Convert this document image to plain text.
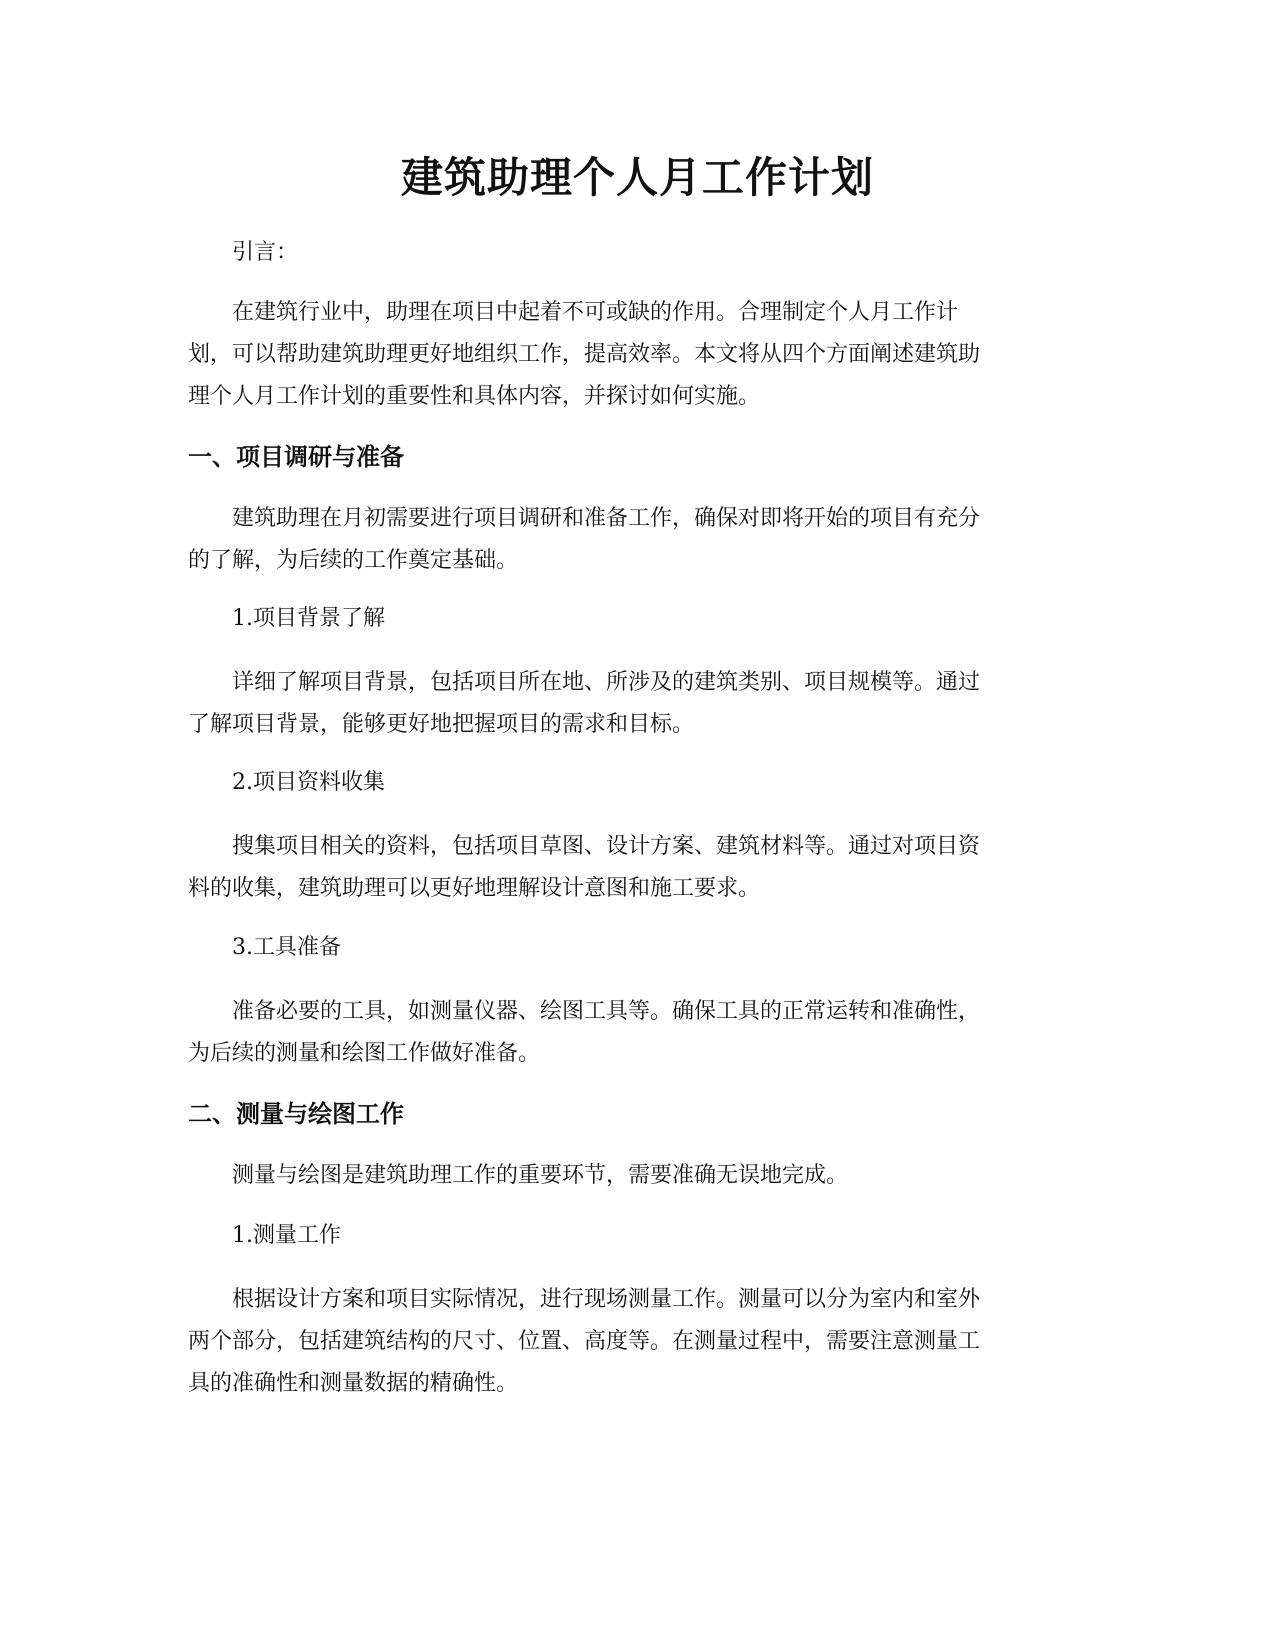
建筑助理个人月工作计划

引言：

在建筑行业中，助理在项目中起着不可或缺的作用。合理制定个人月工作计
划，可以帮助建筑助理更好地组织工作，提高效率。本文将从四个方面阐述建筑助
理个人月工作计划的重要性和具体内容，并探讨如何实施。
一、项目调研与准备
建筑助理在月初需要进行项目调研和准备工作，确保对即将开始的项目有充分
的了解，为后续的工作奠定基础。

1.项目背景了解

详细了解项目背景，包括项目所在地、所涉及的建筑类别、项目规模等。通过
了解项目背景，能够更好地把握项目的需求和目标。

2.项目资料收集

搜集项目相关的资料，包括项目草图、设计方案、建筑材料等。通过对项目资
料的收集，建筑助理可以更好地理解设计意图和施工要求。

3.工具准备

准备必要的工具，如测量仪器、绘图工具等。确保工具的正常运转和准确性，
为后续的测量和绘图工作做好准备。
二、测量与绘图工作
测量与绘图是建筑助理工作的重要环节，需要准确无误地完成。

1.测量工作

根据设计方案和项目实际情况，进行现场测量工作。测量可以分为室内和室外
两个部分，包括建筑结构的尺寸、位置、高度等。在测量过程中，需要注意测量工
具的准确性和测量数据的精确性。
